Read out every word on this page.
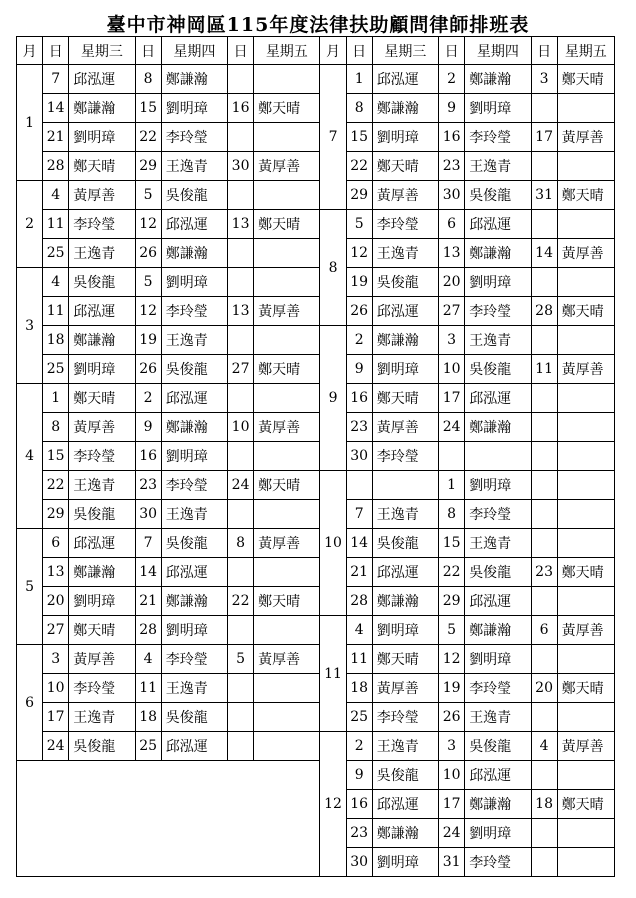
臺中市神岡區115年度法律扶助顧問律師排班表
月	日	星期三	日	星期四	日	星期五	月	日	星期三	日	星期四	日	星期五
1	7	邱泓運	8	鄭謙瀚			7	1	邱泓運	2	鄭謙瀚	3	鄭天晴
	14	鄭謙瀚	15	劉明璋	16	鄭天晴		8	鄭謙瀚	9	劉明璋		
	21	劉明璋	22	李玲瑩				15	劉明璋	16	李玲瑩	17	黃厚善
	28	鄭天晴	29	王逸青	30	黃厚善		22	鄭天晴	23	王逸青		
2	4	黃厚善	5	吳俊龍				29	黃厚善	30	吳俊龍	31	鄭天晴
	11	李玲瑩	12	邱泓運	13	鄭天晴	8	5	李玲瑩	6	邱泓運		
	25	王逸青	26	鄭謙瀚				12	王逸青	13	鄭謙瀚	14	黃厚善
3	4	吳俊龍	5	劉明璋				19	吳俊龍	20	劉明璋		
	11	邱泓運	12	李玲瑩	13	黃厚善		26	邱泓運	27	李玲瑩	28	鄭天晴
	18	鄭謙瀚	19	王逸青			9	2	鄭謙瀚	3	王逸青		
	25	劉明璋	26	吳俊龍	27	鄭天晴		9	劉明璋	10	吳俊龍	11	黃厚善
4	1	鄭天晴	2	邱泓運				16	鄭天晴	17	邱泓運		
	8	黃厚善	9	鄭謙瀚	10	黃厚善		23	黃厚善	24	鄭謙瀚		
	15	李玲瑩	16	劉明璋				30	李玲瑩				
	22	王逸青	23	李玲瑩	24	鄭天晴	10			1	劉明璋		
	29	吳俊龍	30	王逸青				7	王逸青	8	李玲瑩		
5	6	邱泓運	7	吳俊龍	8	黃厚善		14	吳俊龍	15	王逸青		
	13	鄭謙瀚	14	邱泓運				21	邱泓運	22	吳俊龍	23	鄭天晴
	20	劉明璋	21	鄭謙瀚	22	鄭天晴		28	鄭謙瀚	29	邱泓運		
	27	鄭天晴	28	劉明璋			11	4	劉明璋	5	鄭謙瀚	6	黃厚善
6	3	黃厚善	4	李玲瑩	5	黃厚善		11	鄭天晴	12	劉明璋		
	10	李玲瑩	11	王逸青				18	黃厚善	19	李玲瑩	20	鄭天晴
	17	王逸青	18	吳俊龍				25	李玲瑩	26	王逸青		
	24	吳俊龍	25	邱泓運			12	2	王逸青	3	吳俊龍	4	黃厚善
								9	吳俊龍	10	邱泓運		
								16	邱泓運	17	鄭謙瀚	18	鄭天晴
								23	鄭謙瀚	24	劉明璋		
								30	劉明璋	31	李玲瑩		
